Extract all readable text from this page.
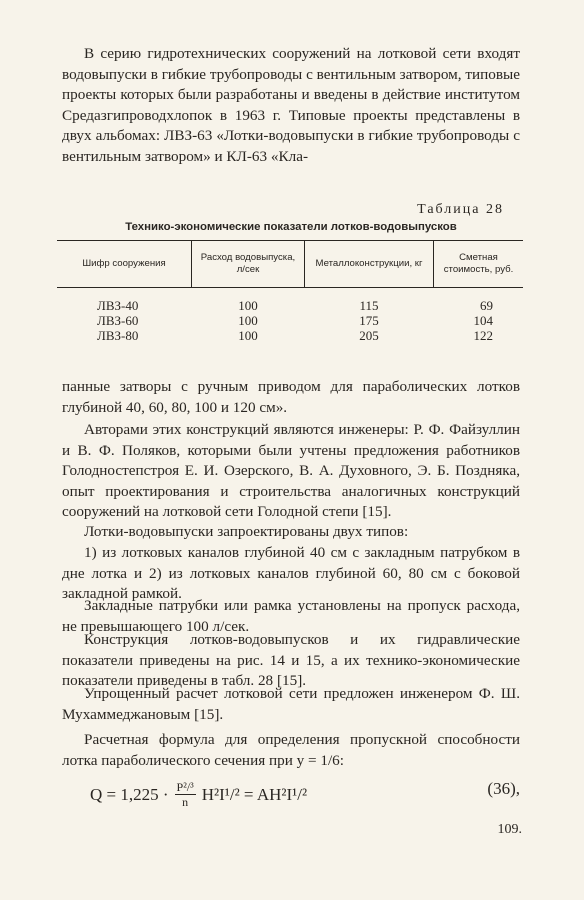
В серию гидротехнических сооружений на лотковой сети входят водовыпуски в гибкие трубопроводы с вентильным затвором, типовые проекты которых были разработаны и введены в действие институтом Средазгипроводхлопок в 1963 г. Типовые проекты представлены в двух альбомах: ЛВЗ-63 «Лотки-водовыпуски в гибкие трубопроводы с вентильным затвором» и КЛ-63 «Кла-

Таблица 28
Технико-экономические показатели лотков-водовыпусков
Шифр сооружения	Расход водовыпуска, л/сек	Металлоконструкции, кг	Сметная стоимость, руб.
ЛВЗ-40	100	115	69
ЛВЗ-60	100	175	104
ЛВЗ-80	100	205	122

панные затворы с ручным приводом для параболических лотков глубиной 40, 60, 80, 100 и 120 см».

Авторами этих конструкций являются инженеры: Р. Ф. Файзуллин и В. Ф. Поляков, которыми были учтены предложения работников Голодностепстроя Е. И. Озерского, В. А. Духовного, Э. Б. Поздняка, опыт проектирования и строительства аналогичных конструкций сооружений на лотковой сети Голодной степи [15].

Лотки-водовыпуски запроектированы двух типов:

1) из лотковых каналов глубиной 40 см с закладным патрубком в дне лотка и 2) из лотковых каналов глубиной 60, 80 см с боковой закладной рамкой.

Закладные патрубки или рамка установлены на пропуск расхода, не превышающего 100 л/сек.

Конструкция лотков-водовыпусков и их гидравлические показатели приведены на рис. 14 и 15, а их технико-экономические показатели приведены в табл. 28 [15].

Упрощенный расчет лотковой сети предложен инженером Ф. Ш. Мухаммеджановым [15].

Расчетная формула для определения пропускной способности лотка параболического сечения при y = 1/6:

$Q = 1,225 \cdot \frac{\text{P²/³}}{n} H^2I^1/^2 = AH^2I^1/^2$	(36),
109.
